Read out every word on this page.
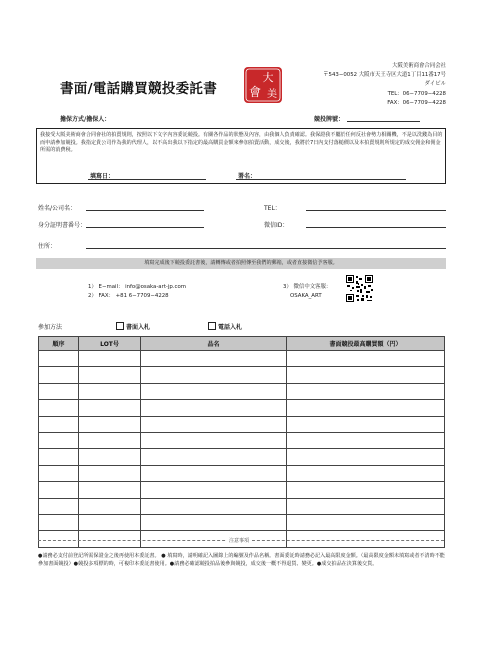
書面/電話購買競投委託書
大
美
會
大阪美術商會合同会社
〒543−0052 大阪市天王寺区大道1丁目11番17号
ダイビル
TEL：06−7709−4228
FAX：06−7709−4228
擔保方式/擔保人：	競投牌號：
我接受大阪美術商會合同會社的拍賣規則，按照以下文字內容委託競投。有關各作品的狀態及內容，由我個人負責確認。我保證我不屬於任何反社會勢力相關機，不是以洗錢為目的而申請參加競投。我指定貴公司作為我的代理人，以不高出我以下指定的最高購買金額來參加拍賣活動，成交後，我將於7日內支付落槌價以及本拍賣規則所規定的成交佣金和佣金所需的消費稅。
填寫日：	署名：
姓名/公司名：	TEL：
身分証明書番号：	微信ID：
住所：
填寫完成後下競投委託書後，請轉傳或者拍照傳至我們的郵箱，或者直接微信予客服。
1） E−mail： info@osaka-art-jp.com
2） FAX： +81 6−7709−4228
3） 微信中文客服：
OSAKA_ART
參加方法	書面入札	電話入札
順序	LOT号	品名	書面競投最高購買額（円）

注意事項
●請務必支付前登記所需保證金之後再使用本委託書。 ● 填寫時，請明確記入圖錄上的編號及作品名稱。書面委託時請務必記入最高限度金額。（最高限度金額未填寫或者不清時不能參加書面競投）●競投多項標的時，可複印本委託書使用。●請務必確認競投拍品後參與競投，成交後一概不得退貨、變更。●成交拍品在決算後交貨。
